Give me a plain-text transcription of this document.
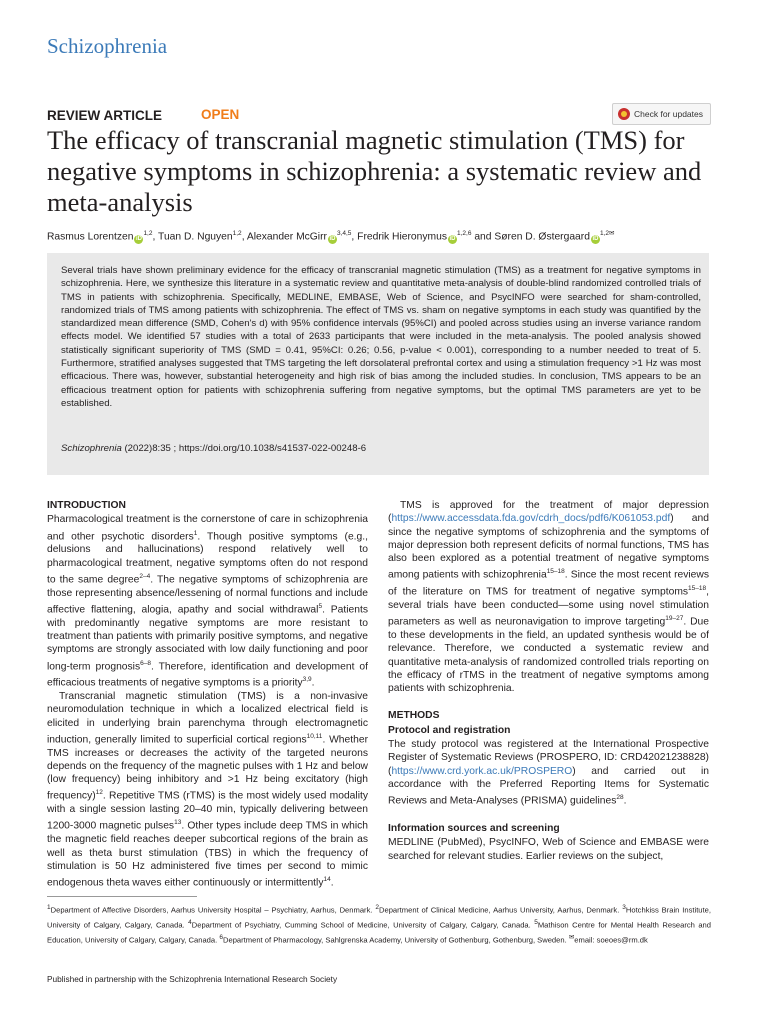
Schizophrenia
REVIEW ARTICLE	OPEN	Check for updates
The efficacy of transcranial magnetic stimulation (TMS) for negative symptoms in schizophrenia: a systematic review and meta-analysis
Rasmus Lorentzen iD$^{1,2}$, Tuan D. Nguyen$^{1,2}$, Alexander McGirr iD$^{3,4,5}$, Fredrik Hieronymus iD$^{1,2,6}$ and Søren D. Østergaard $iD^{1,2✉}$

Several trials have shown preliminary evidence for the efficacy of transcranial magnetic stimulation (TMS) as a treatment for negative symptoms in schizophrenia. Here, we synthesize this literature in a systematic review and quantitative meta-analysis of double-blind randomized controlled trials of TMS in patients with schizophrenia. Specifically, MEDLINE, EMBASE, Web of Science, and PsycINFO were searched for sham-controlled, randomized trials of TMS among patients with schizophrenia. The effect of TMS vs. sham on negative symptoms in each study was quantified by the standardized mean difference (SMD, Cohen's d) with 95% confidence intervals (95%CI) and pooled across studies using an inverse variance random effects model. We identified 57 studies with a total of 2633 participants that were included in the meta-analysis. The pooled analysis showed statistically significant superiority of TMS (SMD = 0.41, 95%CI: 0.26; 0.56, p-value < 0.001), corresponding to a number needed to treat of 5. Furthermore, stratified analyses suggested that TMS targeting the left dorsolateral prefrontal cortex and using a stimulation frequency >1 Hz was most efficacious. There was, however, substantial heterogeneity and high risk of bias among the included studies. In conclusion, TMS appears to be an efficacious treatment option for patients with schizophrenia suffering from negative symptoms, but the optimal TMS parameters are yet to be established.

Schizophrenia (2022)8:35 ; https://doi.org/10.1038/s41537-022-00248-6
INTRODUCTION

Pharmacological treatment is the cornerstone of care in schizophrenia and other psychotic disorders$^1$. Though positive symptoms (e.g., delusions and hallucinations) respond relatively well to pharmacological treatment, negative symptoms often do not respond to the same degree$^{2-4}$. The negative symptoms of schizophrenia are those representing absence/lessening of normal functions and include affective flattening, alogia, apathy and social withdrawal$^5$. Patients with predominantly negative symptoms are more resistant to treatment than patients with primarily positive symptoms, and negative symptoms are strongly associated with low daily functioning and poor long-term prognosis$^{6-8}$. Therefore, identification and development of efficacious treatments of negative symptoms is a priority$^{3,9}$.

Transcranial magnetic stimulation (TMS) is a non-invasive neuromodulation technique in which a localized electrical field is elicited in underlying brain parenchyma through electromagnetic induction, generally limited to superficial cortical regions$^{10,11}$. Whether TMS increases or decreases the activity of the targeted neurons depends on the frequency of the magnetic pulses with 1 Hz and below (low frequency) being inhibitory and >1 Hz being excitatory (high frequency)$^{12}$. Repetitive TMS (rTMS) is the most widely used modality with a single session lasting 20–40 min, typically delivering between 1200-3000 magnetic pulses$^{13}$. Other types include deep TMS in which the magnetic field reaches deeper subcortical regions of the brain as well as theta burst stimulation (TBS) in which the frequency of stimulation is 50 Hz administered five times per second to mimic endogenous theta waves either continuously or intermittently$^{14}$.

TMS is approved for the treatment of major depression (https://www.accessdata.fda.gov/cdrh_docs/pdf6/K061053.pdf) and since the negative symptoms of schizophrenia and the symptoms of major depression both represent deficits of normal functions, TMS has also been explored as a potential treatment of negative symptoms among patients with schizophrenia$^{15-18}$. Since the most recent reviews of the literature on TMS for treatment of negative symptoms$^{15-18}$, several trials have been conducted—some using novel stimulation parameters as well as neuronavigation to improve targeting$^{19-27}$. Due to these developments in the field, an updated synthesis would be of relevance. Therefore, we conducted a systematic review and quantitative meta-analysis of randomized controlled trials reporting on the efficacy of rTMS in the treatment of negative symptoms among patients with schizophrenia.

METHODS
Protocol and registration

The study protocol was registered at the International Prospective Register of Systematic Reviews (PROSPERO, ID: CRD42021238828) (https://www.crd.york.ac.uk/PROSPERO) and carried out in accordance with the Preferred Reporting Items for Systematic Reviews and Meta-Analyses (PRISMA) guidelines$^{28}$.

Information sources and screening

MEDLINE (PubMed), PsycINFO, Web of Science and EMBASE were searched for relevant studies. Earlier reviews on the subject,

$^1$Department of Affective Disorders, Aarhus University Hospital – Psychiatry, Aarhus, Denmark. $^2$Department of Clinical Medicine, Aarhus University, Aarhus, Denmark. $^3$Hotchkiss Brain Institute, University of Calgary, Calgary, Canada. $^4$Department of Psychiatry, Cumming School of Medicine, University of Calgary, Calgary, Canada. $^5$Mathison Centre for Mental Health Research and Education, University of Calgary, Calgary, Canada. $^6$Department of Pharmacology, Sahlgrenska Academy, University of Gothenburg, Gothenburg, Sweden. ✉email: soeoes@rm.dk

Published in partnership with the Schizophrenia International Research Society
